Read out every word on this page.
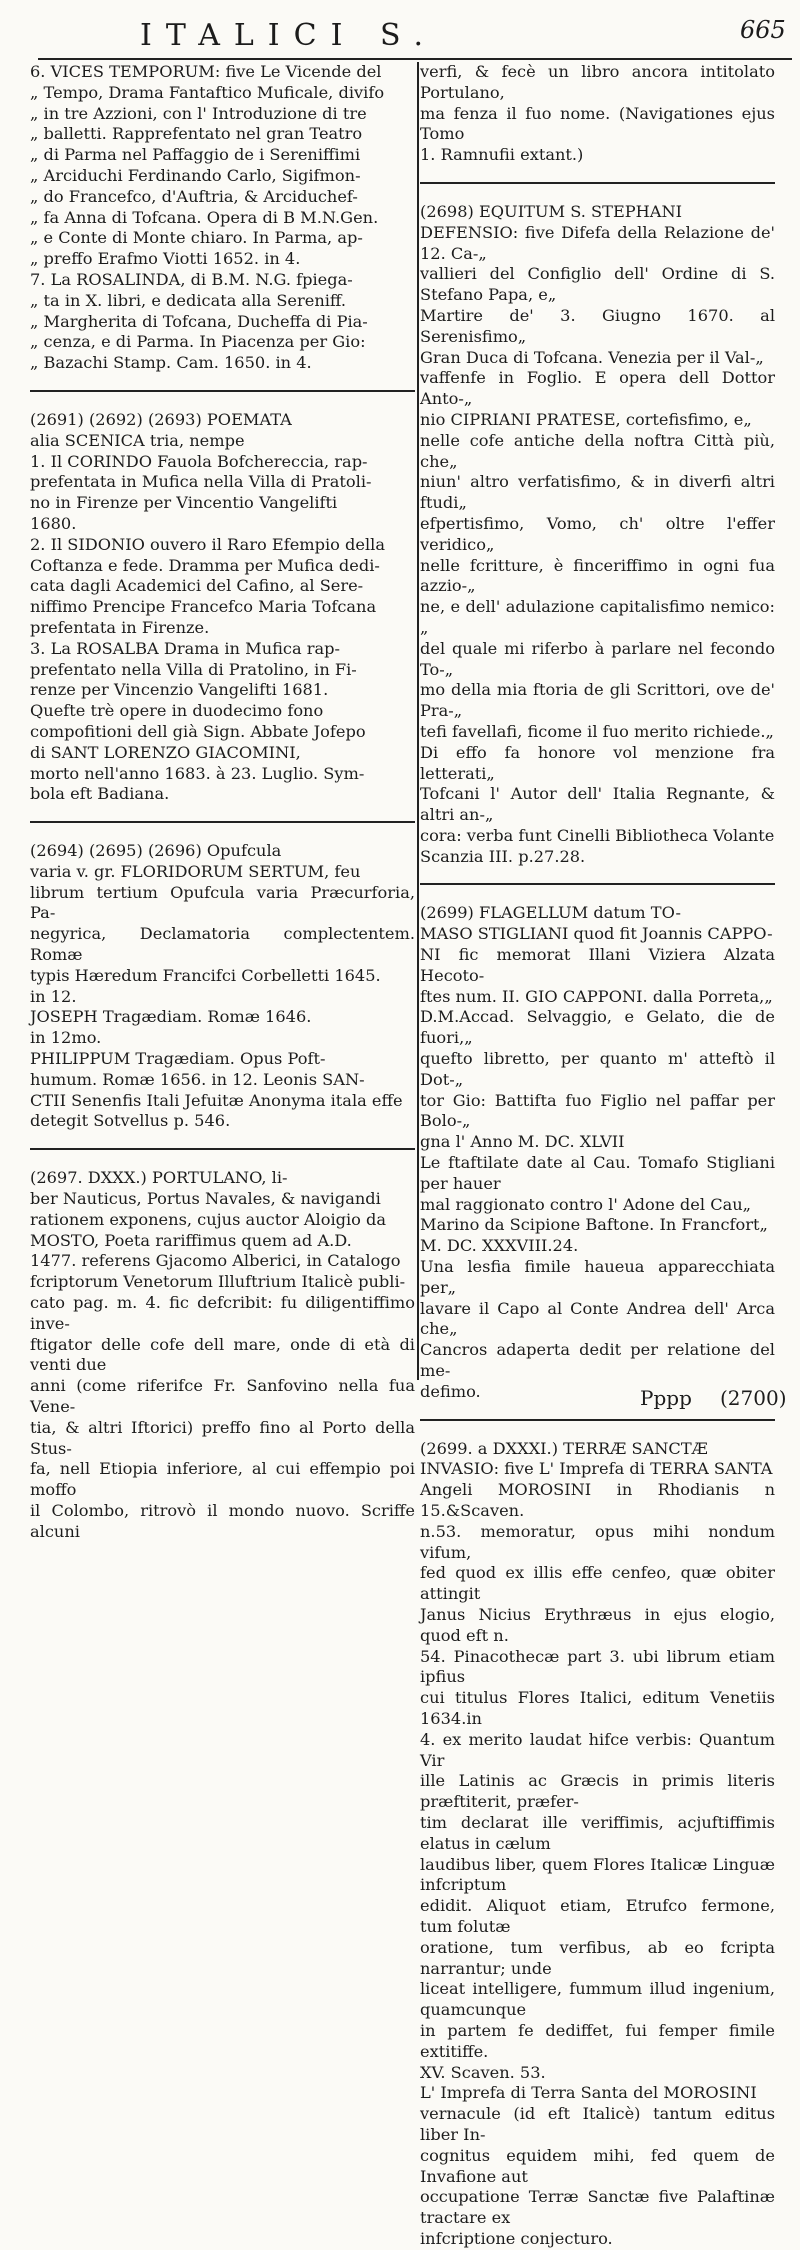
ITALICI S.	665

6. VICES TEMPORUM: five Le Vicende del

„ Tempo, Drama Fantaftico Muficale, divifo

„ in tre Azzioni, con l' Introduzione di tre

„ balletti. Rapprefentato nel gran Teatro

„ di Parma nel Paffaggio de i Sereniffimi

„ Arciduchi Ferdinando Carlo, Sigifmon-

„ do Francefco, d'Auftria, & Arciduchef-

„ fa Anna di Tofcana. Opera di B M.N.Gen.

„ e Conte di Monte chiaro. In Parma, ap-

„ preffo Erafmo Viotti 1652. in 4.

7. La ROSALINDA, di B.M. N.G. fpiega-

„ ta in X. libri, e dedicata alla Sereniff.

„ Margherita di Tofcana, Ducheffa di Pia-

„ cenza, e di Parma. In Piacenza per Gio:

„ Bazachi Stamp. Cam. 1650. in 4.

(2691) (2692) (2693) POEMATA

alia SCENICA tria, nempe

1. Il CORINDO Fauola Bofchereccia, rap-

prefentata in Mufica nella Villa di Pratoli-

no in Firenze per Vincentio Vangelifti

1680.

2. Il SIDONIO ouvero il Raro Efempio della

Coftanza e fede. Dramma per Mufica dedi-

cata dagli Academici del Cafino, al Sere-

niffimo Prencipe Francefco Maria Tofcana

prefentata in Firenze.

3. La ROSALBA Drama in Mufica rap-

prefentato nella Villa di Pratolino, in Fi-

renze per Vincenzio Vangelifti 1681.

Quefte trè opere in duodecimo fono

compofitioni dell già Sign. Abbate Jofepo

di SANT LORENZO GIACOMINI,

morto nell'anno 1683. à 23. Luglio. Sym-

bola eft Badiana.

(2694) (2695) (2696) Opufcula

varia v. gr. FLORIDORUM SERTUM, feu

librum tertium Opufcula varia Præcurforia, Pa-

negyrica, Declamatoria complectentem. Romæ

typis Hæredum Francifci Corbelletti 1645.

in 12.

JOSEPH Tragædiam. Romæ 1646.

in 12mo.

PHILIPPUM Tragædiam. Opus Poft-

humum. Romæ 1656. in 12. Leonis SAN-

CTII Senenfis Itali Jefuitæ Anonyma itala effe

detegit Sotvellus p. 546.

(2697. DXXX.) PORTULANO, li-

ber Nauticus, Portus Navales, & navigandi

rationem exponens, cujus auctor Aloigio da

MOSTO, Poeta rariffimus quem ad A.D.

1477. referens Gjacomo Alberici, in Catalogo

fcriptorum Venetorum Illuftrium Italicè publi-

cato pag. m. 4. fic defcribit: fu diligentiffimo inve-

ftigator delle cofe dell mare, onde di età di venti due

anni (come riferifce Fr. Sanfovino nella fua Vene-

tia, & altri Iftorici) preffo fino al Porto della Stus-

fa, nell Etiopia inferiore, al cui effempio poi moffo

il Colombo, ritrovò il mondo nuovo. Scriffe alcuni

verfi, & fecè un libro ancora intitolato Portulano,

ma fenza il fuo nome. (Navigationes ejus Tomo

1. Ramnufii extant.)

(2698) EQUITUM S. STEPHANI

DEFENSIO: five Difefa della Relazione de' 12. Ca-„

vallieri del Configlio dell' Ordine di S. Stefano Papa, e„

Martire de' 3. Giugno 1670. al Serenisfimo„

Gran Duca di Tofcana. Venezia per il Val-„

vaffenfe in Foglio. E opera dell Dottor Anto-„

nio CIPRIANI PRATESE, cortefisfimo, e„

nelle cofe antiche della noftra Città più, che„

niun' altro verfatisfimo, & in diverfi altri ftudi„

efpertisfimo, Vomo, ch' oltre l'effer veridico„

nelle fcritture, è finceriffimo in ogni fua azzio-„

ne, e dell' adulazione capitalisfimo nemico:„

del quale mi riferbo à parlare nel fecondo To-„

mo della mia ftoria de gli Scrittori, ove de' Pra-„

tefi favellafi, ficome il fuo merito richiede.„

Di effo fa honore vol menzione fra letterati„

Tofcani l' Autor dell' Italia Regnante, & altri an-„

cora: verba funt Cinelli Bibliotheca Volante

Scanzia III. p.27.28.

(2699) FLAGELLUM datum TO-

MASO STIGLIANI quod fit Joannis CAPPO-

NI fic memorat Illani Viziera Alzata Hecoto-

ftes num. II. GIO CAPPONI. dalla Porreta,„

D.M.Accad. Selvaggio, e Gelato, die de fuori,„

quefto libretto, per quanto m' atteftò il Dot-„

tor Gio: Battifta fuo Figlio nel paffar per Bolo-„

gna l' Anno M. DC. XLVII

Le ftaftilate date al Cau. Tomafo Stigliani per hauer

mal raggionato contro l' Adone del Cau„

Marino da Scipione Baftone. In Francfort„

M. DC. XXXVIII.24.

Una lesfia fimile haueua apparecchiata per„

lavare il Capo al Conte Andrea dell' Arca che„

Cancros adaperta dedit per relatione del me-

defimo.

(2699. a DXXXI.) TERRÆ SANCTÆ

INVASIO: five L' Imprefa di TERRA SANTA

Angeli MOROSINI in Rhodianis n 15.&Scaven.

n.53. memoratur, opus mihi nondum vifum,

fed quod ex illis effe cenfeo, quæ obiter attingit

Janus Nicius Erythræus in ejus elogio, quod eft n.

54. Pinacothecæ part 3. ubi librum etiam ipfius

cui titulus Flores Italici, editum Venetiis 1634.in

4. ex merito laudat hifce verbis: Quantum Vir

ille Latinis ac Græcis in primis literis præftiterit, præfer-

tim declarat ille veriffimis, acjuftiffimis elatus in cælum

laudibus liber, quem Flores Italicæ Linguæ infcriptum

edidit. Aliquot etiam, Etrufco fermone, tum folutæ

oratione, tum verfibus, ab eo fcripta narrantur; unde

liceat intelligere, fummum illud ingenium, quamcunque

in partem fe dediffet, fui femper fimile extitiffe.

XV. Scaven. 53.

L' Imprefa di Terra Santa del MOROSINI

vernacule (id eft Italicè) tantum editus liber In-

cognitus equidem mihi, fed quem de Invafione aut

occupatione Terræ Sanctæ five Palaftinæ tractare ex

infcriptione conjecturo.

Pppp (2700)
